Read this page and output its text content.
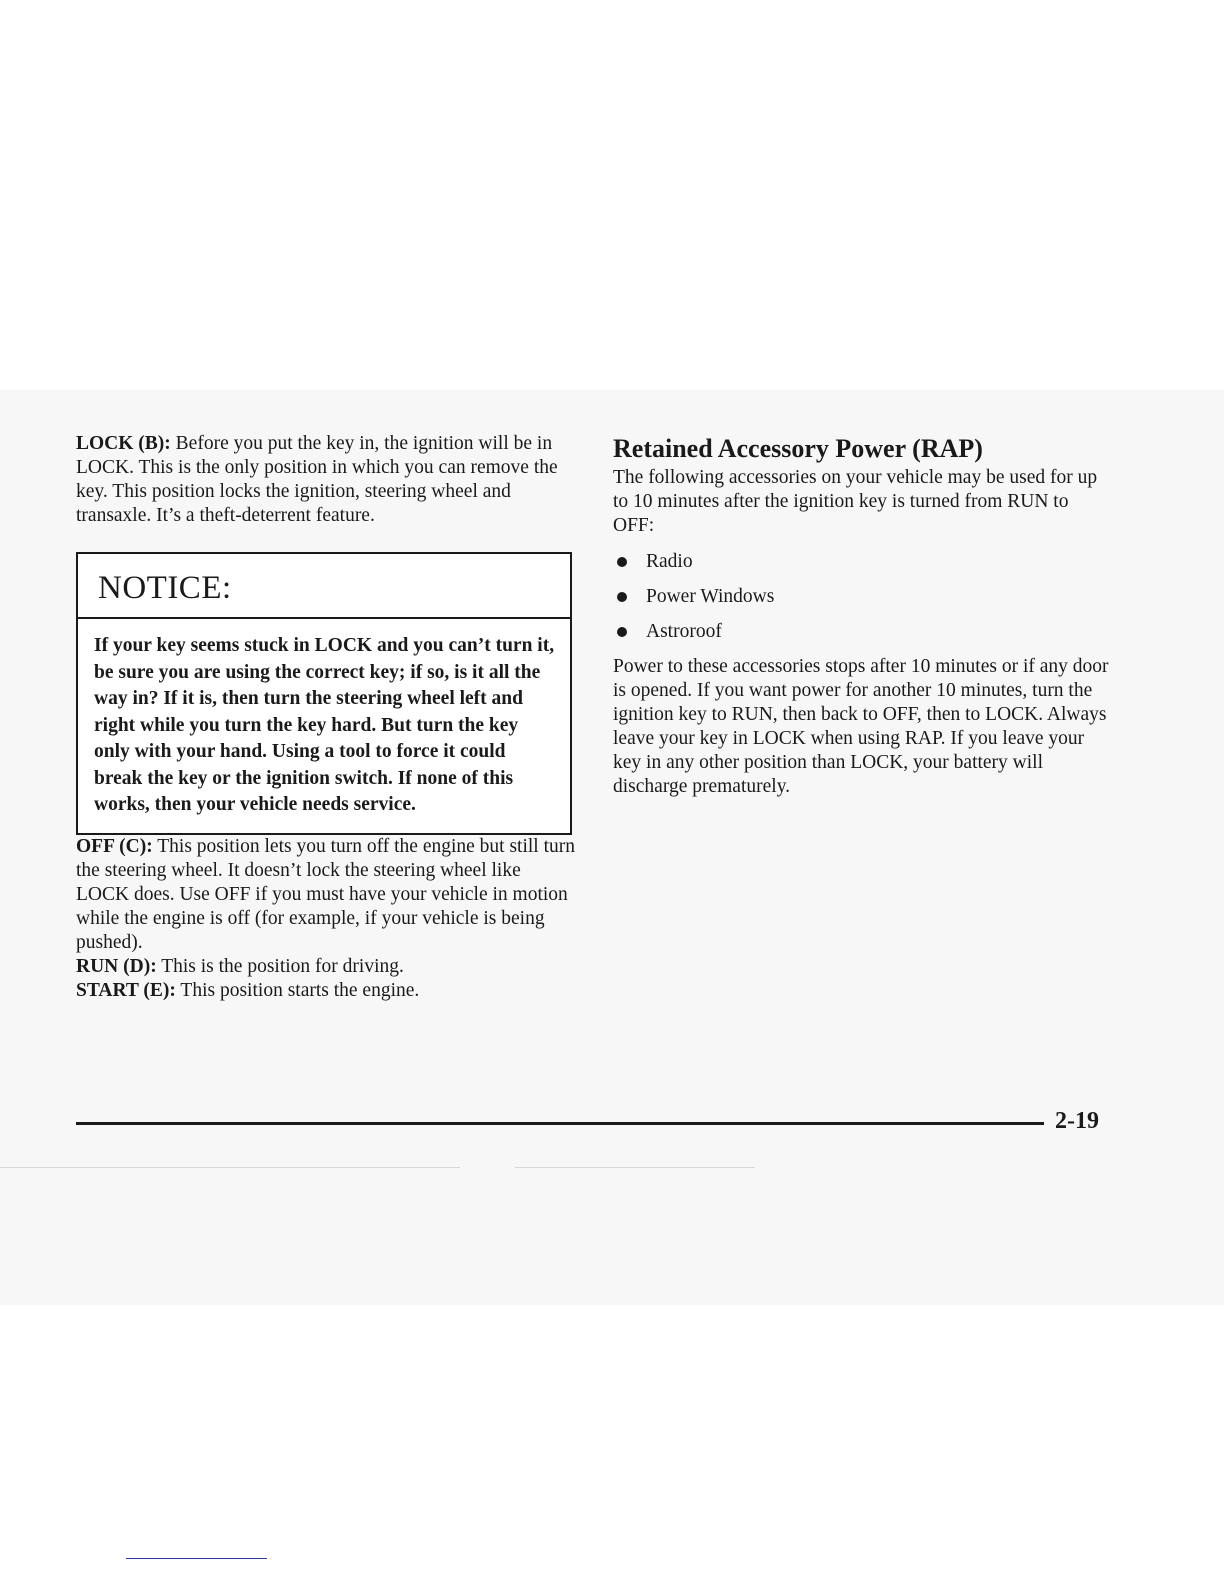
LOCK (B): Before you put the key in, the ignition will be in LOCK. This is the only position in which you can remove the key. This position locks the ignition, steering wheel and transaxle. It’s a theft-deterrent feature.

NOTICE:
If your key seems stuck in LOCK and you can’t turn it, be sure you are using the correct key; if so, is it all the way in? If it is, then turn the steering wheel left and right while you turn the key hard. But turn the key only with your hand. Using a tool to force it could break the key or the ignition switch. If none of this works, then your vehicle needs service.

OFF (C): This position lets you turn off the engine but still turn the steering wheel. It doesn’t lock the steering wheel like LOCK does. Use OFF if you must have your vehicle in motion while the engine is off (for example, if your vehicle is being pushed).

RUN (D): This is the position for driving.

START (E): This position starts the engine.

Retained Accessory Power (RAP)

The following accessories on your vehicle may be used for up to 10 minutes after the ignition key is turned from RUN to OFF:

Radio
Power Windows
Astroroof

Power to these accessories stops after 10 minutes or if any door is opened. If you want power for another 10 minutes, turn the ignition key to RUN, then back to OFF, then to LOCK. Always leave your key in LOCK when using RAP. If you leave your key in any other position than LOCK, your battery will discharge prematurely.

2-19
